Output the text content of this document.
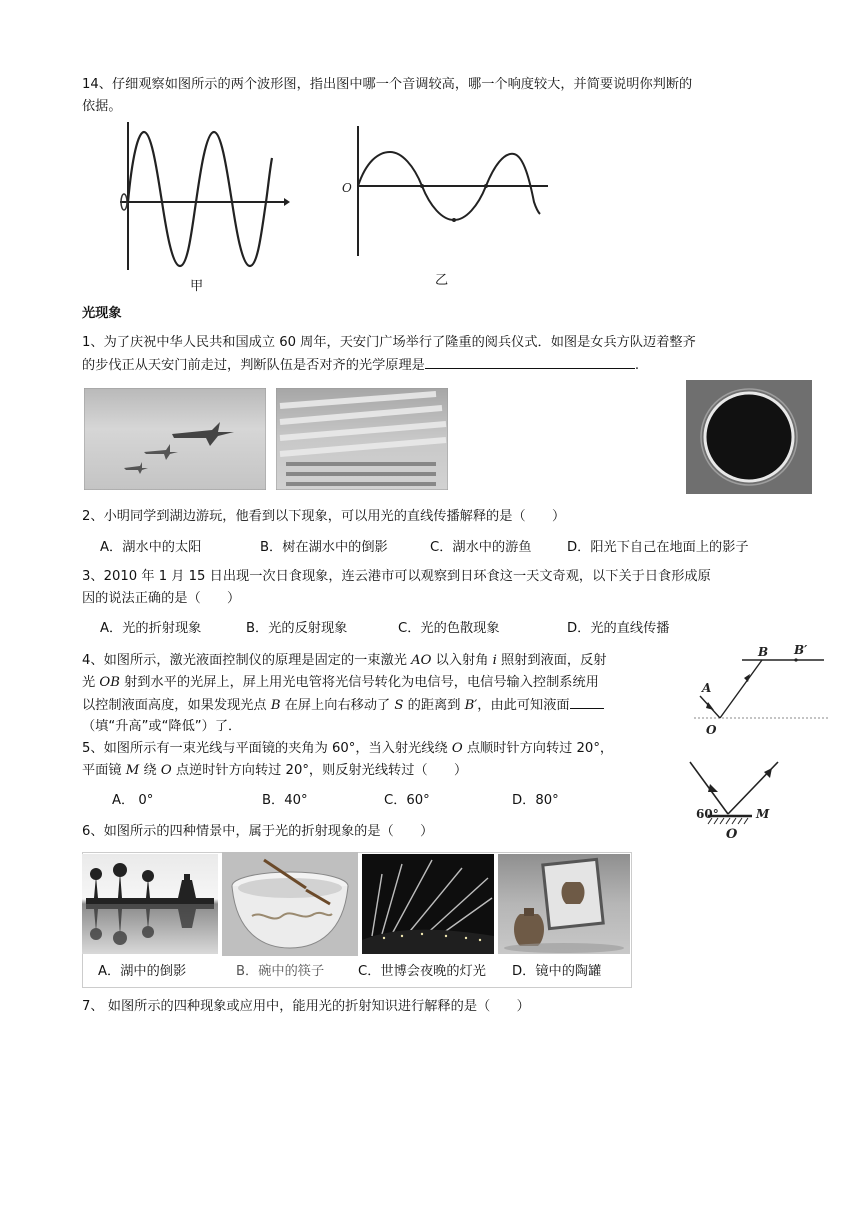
14、仔细观察如图所示的两个波形图，指出图中哪一个音调较高，哪一个响度较大，并简要说明你判断的
依据。
甲
O
乙
光现象
1、为了庆祝中华人民共和国成立 60 周年，天安门广场举行了隆重的阅兵仪式．如图是女兵方队迈着整齐
的步伐正从天安门前走过，判断队伍是否对齐的光学原理是	.
2、小明同学到湖边游玩，他看到以下现象，可以用光的直线传播解释的是（　　）
A．湖水中的太阳	B．树在湖水中的倒影	C．湖水中的游鱼	D．阳光下自己在地面上的影子
3、2010 年 1 月 15 日出现一次日食现象，连云港市可以观察到日环食这一天文奇观，以下关于日食形成原
因的说法正确的是（　　）
A．光的折射现象	B．光的反射现象	C．光的色散现象	D．光的直线传播
4、如图所示，激光液面控制仪的原理是固定的一束激光 AO 以入射角 i 照射到液面，反射
光 OB 射到水平的光屏上，屏上用光电管将光信号转化为电信号，电信号输入控制系统用
以控制液面高度，如果发现光点 B 在屏上向右移动了 S 的距离到 B′，由此可知液面
（填“升高”或“降低”）了．
B B′
A
O
5、如图所示有一束光线与平面镜的夹角为 60°，当入射光线绕 O 点顺时针方向转过 20°，
平面镜 M 绕 O 点逆时针方向转过 20°，则反射光线转过（　　）
A． 0°	B．40°	C．60°	D．80°
60°	M
O
6、如图所示的四种情景中，属于光的折射现象的是（　　）
A．湖中的倒影	B．碗中的筷子	C．世博会夜晚的灯光 D．镜中的陶罐
7、 如图所示的四种现象或应用中，能用光的折射知识进行解释的是（　　）
